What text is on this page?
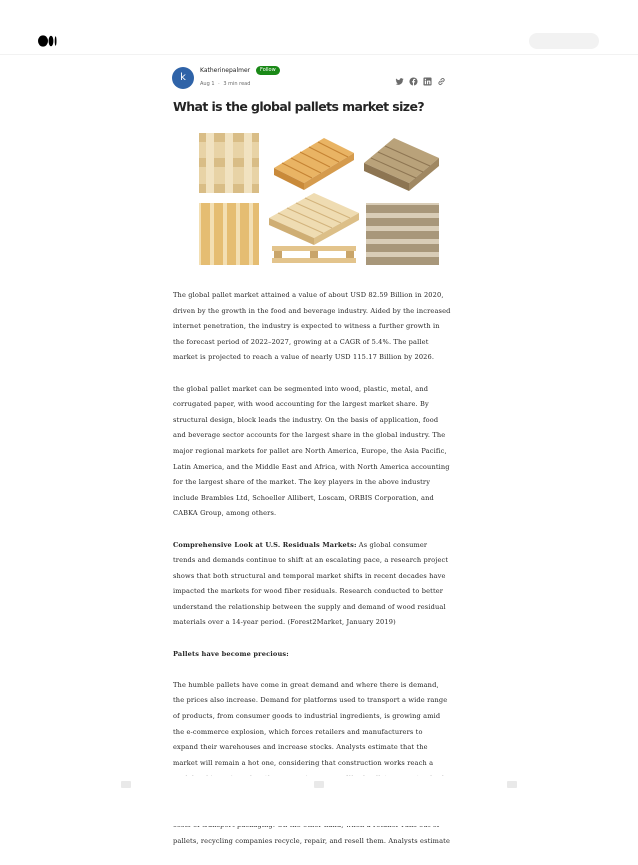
k
Katherinepalmer	Follow
Aug 1 · 3 min read
What is the global pallets market size?

The global pallet market attained a value of about USD 82.59 Billion in 2020,
driven by the growth in the food and beverage industry. Aided by the increased
internet penetration, the industry is expected to witness a further growth in
the forecast period of 2022–2027, growing at a CAGR of 5.4%. The pallet
market is projected to reach a value of nearly USD 115.17 Billion by 2026.

the global pallet market can be segmented into wood, plastic, metal, and
corrugated paper, with wood accounting for the largest market share. By
structural design, block leads the industry. On the basis of application, food
and beverage sector accounts for the largest share in the global industry. The
major regional markets for pallet are North America, Europe, the Asia Pacific,
Latin America, and the Middle East and Africa, with North America accounting
for the largest share of the market. The key players in the above industry
include Brambles Ltd, Schoeller Allibert, Loscam, ORBIS Corporation, and
CABKA Group, among others.

Comprehensive Look at U.S. Residuals Markets: As global consumer
trends and demands continue to shift at an escalating pace, a research project
shows that both structural and temporal market shifts in recent decades have
impacted the markets for wood fiber residuals. Research conducted to better
understand the relationship between the supply and demand of wood residual
materials over a 14-year period. (Forest2Market, January 2019)

Pallets have become precious:

The humble pallets have come in great demand and where there is demand,
the prices also increase. Demand for platforms used to transport a wide range
of products, from consumer goods to industrial ingredients, is growing amid
the e-commerce explosion, which forces retailers and manufacturers to
expand their warehouses and increase stocks. Analysts estimate that the
market will remain a hot one, considering that construction works reach a

pallets, recycling companies recycle, repair, and resell them. Analysts estimate
